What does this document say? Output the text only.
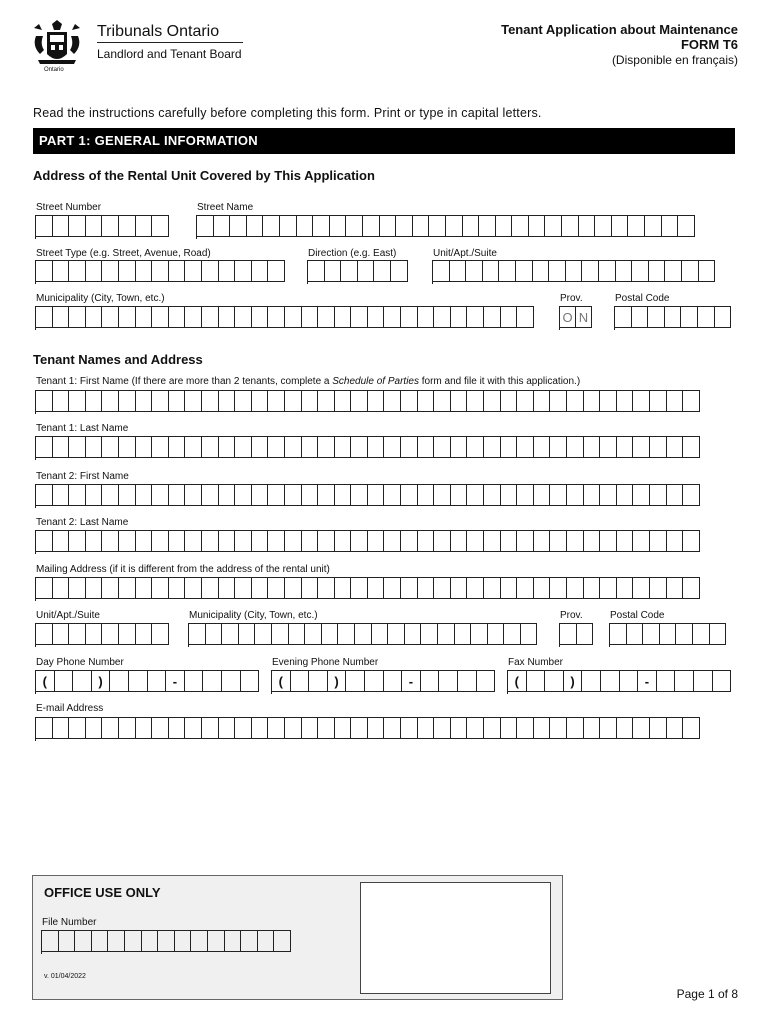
Ontario
Tribunals Ontario
Landlord and Tenant Board
Tenant Application about Maintenance
FORM T6
(Disponible en français)
Read the instructions carefully before completing this form. Print or type in capital letters.
PART 1: GENERAL INFORMATION
Address of the Rental Unit Covered by This Application
Street Number	Street Name
Street Type (e.g. Street, Avenue, Road)	Direction (e.g. East)	Unit/Apt./Suite
Municipality (City, Town, etc.)	Prov.	Postal Code
O N
Tenant Names and Address
Tenant 1: First Name (If there are more than 2 tenants, complete a Schedule of Parties form and file it with this application.)
Tenant 1: Last Name
Tenant 2: First Name
Tenant 2: Last Name
Mailing Address (if it is different from the address of the rental unit)
Unit/Apt./Suite	Municipality (City, Town, etc.)	Prov.	Postal Code
Day Phone Number	Evening Phone Number	Fax Number
(	)	-	(	)	-	(	)	-
E-mail Address
OFFICE USE ONLY
File Number
v. 01/04/2022
Page 1 of 8
